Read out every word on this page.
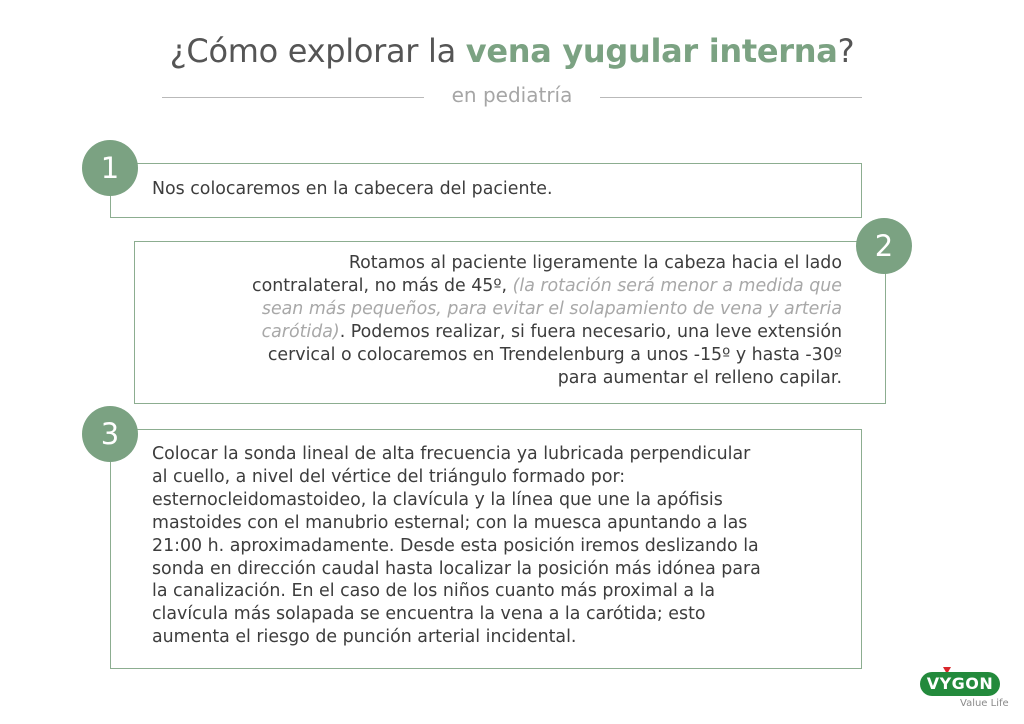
¿Cómo explorar la vena yugular interna?
en pediatría
1
Nos colocaremos en la cabecera del paciente.
2
Rotamos al paciente ligeramente la cabeza hacia el lado
contralateral, no más de 45º, (la rotación será menor a medida que
sean más pequeños, para evitar el solapamiento de vena y arteria
carótida). Podemos realizar, si fuera necesario, una leve extensión
cervical o colocaremos en Trendelenburg a unos -15º y hasta -30º
para aumentar el relleno capilar.
3
Colocar la sonda lineal de alta frecuencia ya lubricada perpendicular
al cuello, a nivel del vértice del triángulo formado por:
esternocleidomastoideo, la clavícula y la línea que une la apófisis
mastoides con el manubrio esternal; con la muesca apuntando a las
21:00 h. aproximadamente. Desde esta posición iremos deslizando la
sonda en dirección caudal hasta localizar la posición más idónea para
la canalización. En el caso de los niños cuanto más proximal a la
clavícula más solapada se encuentra la vena a la carótida; esto
aumenta el riesgo de punción arterial incidental.
VYGON
Value Life
